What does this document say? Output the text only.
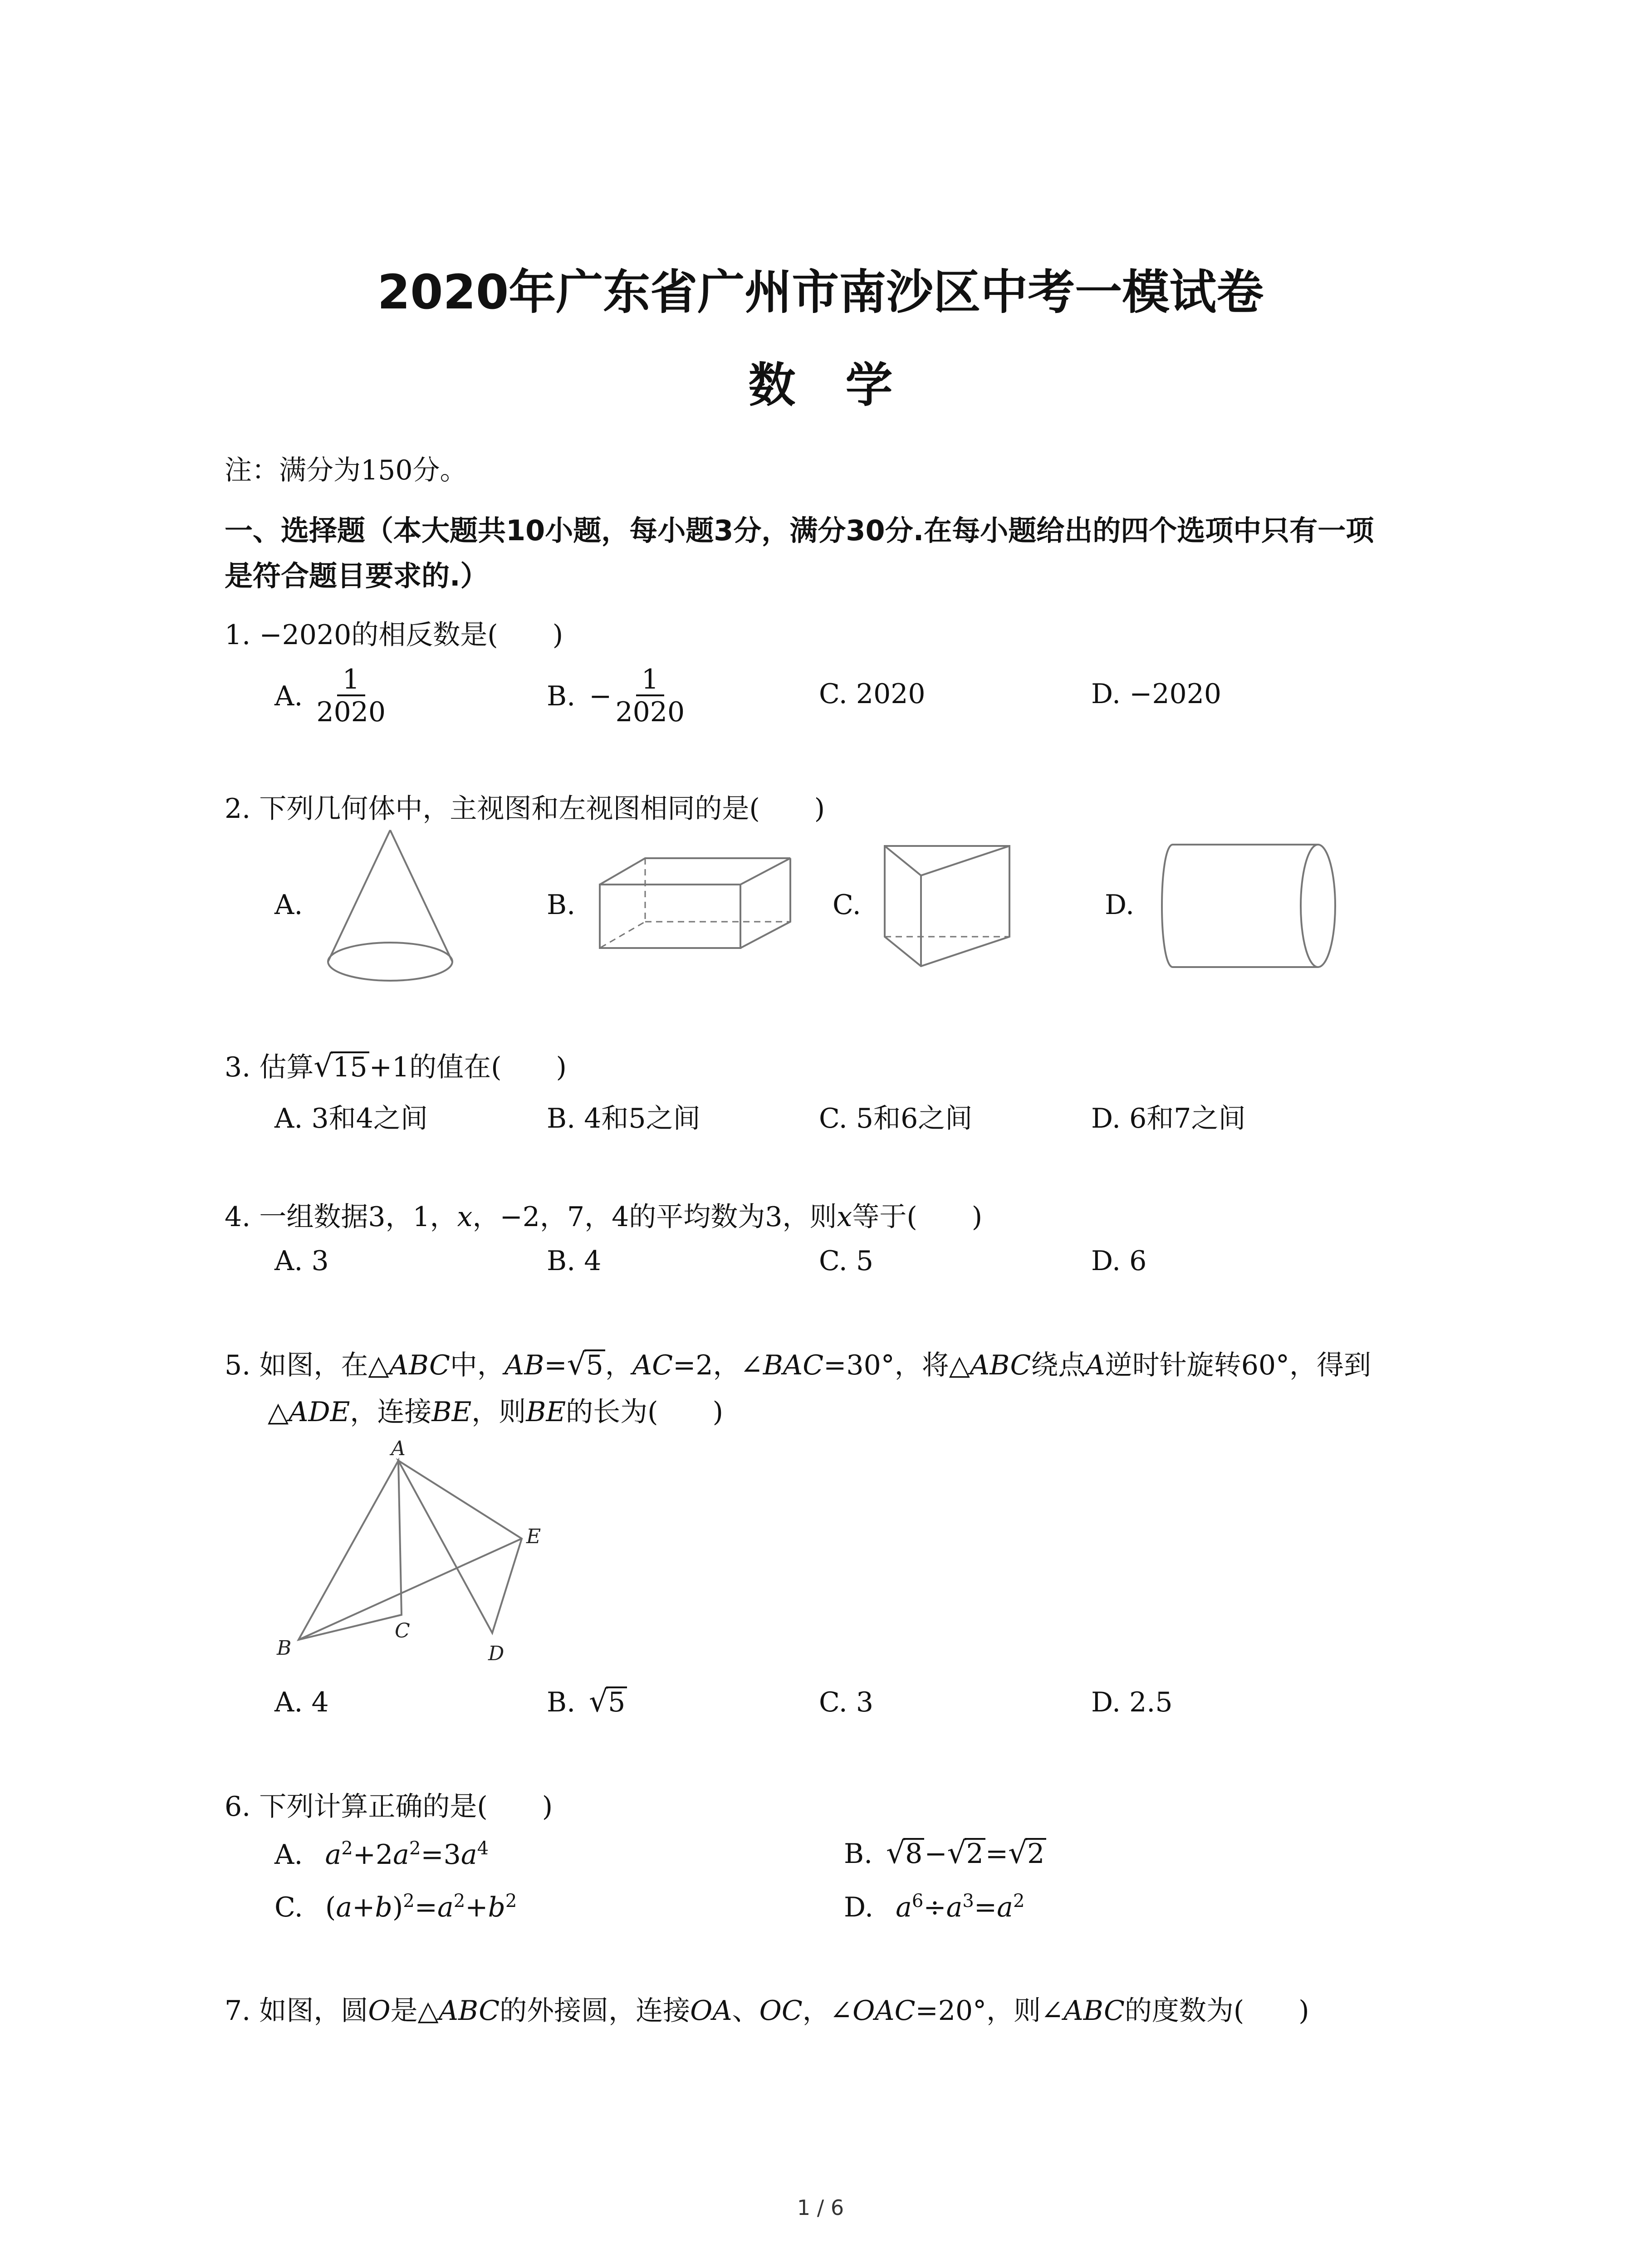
2020年广东省广州市南沙区中考一模试卷
数学
注：满分为150分。
一、选择题（本大题共10小题，每小题3分，满分30分.在每小题给出的四个选项中只有一项
是符合题目要求的.）
1. −2020的相反数是(　　)
A. $\frac{1}{2020}$	B. − $\frac{1}{2020}$	C. 2020	D. −2020
2. 下列几何体中，主视图和左视图相同的是(　　)
A.	B.	C.	D.
3. 估算 √ 15+1的值在(　　)
A. 3和4之间	B. 4和5之间	C. 5和6之间	D. 6和7之间
4. 一组数据3，1，x，−2，7，4的平均数为3，则x等于(　　)
A. 3	B. 4	C. 5	D. 6
5. 如图，在△ABC中，AB= √ 5，AC=2，∠BAC=30°，将△ABC绕点A逆时针旋转60°，得到
△ADE，连接BE，则BE的长为(　　)
A
B
C
D
E
A. 4	B. √ 5	C. 3	D. 2.5
6. 下列计算正确的是(　　)
A. $a^2+2a^2=3a^4$	B. √ 8− √ 2= √ 2
C. $(a+b)^2=a^2+b^2$	D. $a^6\div a^3=a^2$
7. 如图，圆O是△ABC的外接圆，连接OA、OC，∠OAC=20°，则∠ABC的度数为(　　)
1 / 6
